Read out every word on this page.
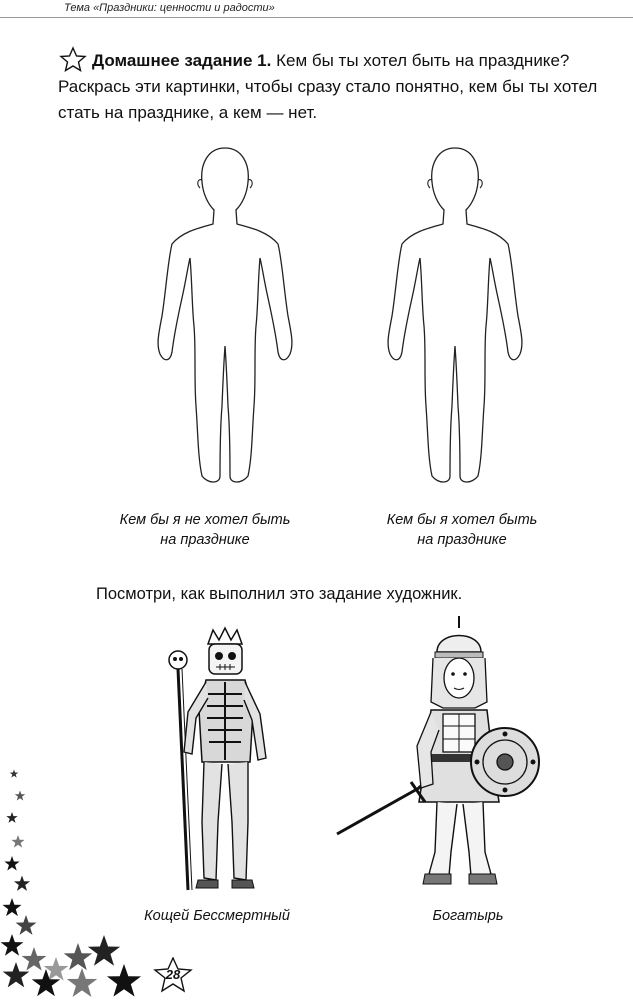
Тема «Праздники: ценности и радости»
Домашнее задание 1. Кем бы ты хотел быть на празднике?
Раскрась эти картинки, чтобы сразу стало понятно, кем бы ты хотел стать на празднике, а кем — нет.
Кем бы я не хотел быть
на празднике
Кем бы я хотел быть
на празднике
Посмотри, как выполнил это задание художник.
Кощей Бессмертный	Богатырь
28
